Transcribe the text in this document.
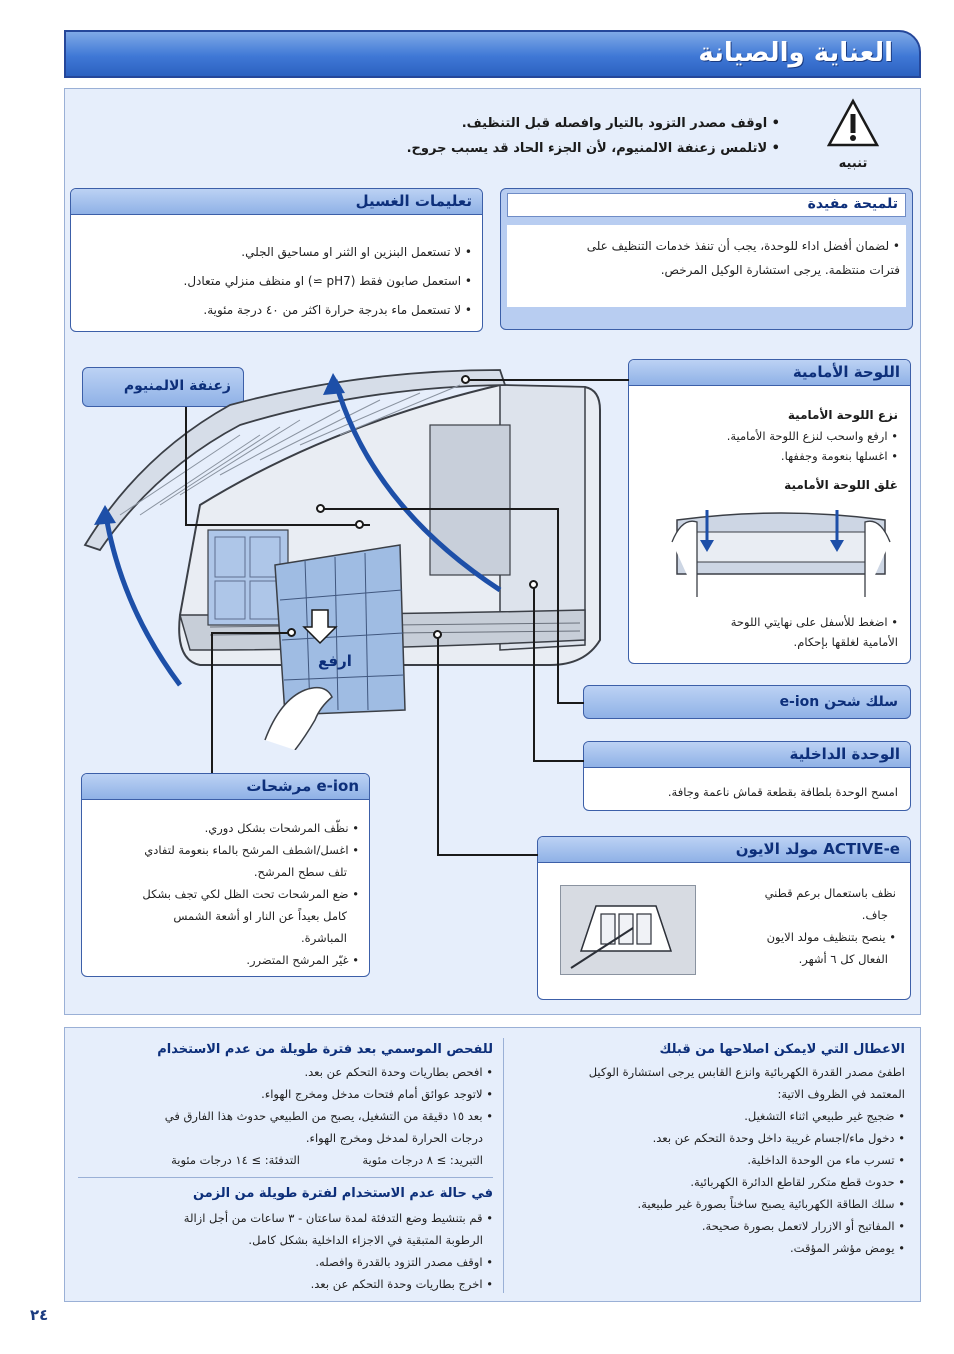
العناية والصيانة
تنبيه
• اوقف مصدر التزود بالتيار وافصله قبل التنظيف.
• لاتلمس زعنفة الالمنيوم، لأن الجزء الحاد قد يسبب جروح.
تعليمات الغسيل
• لا تستعمل البنزين او الثنر او مساحيق الجلي.
• استعمل صابون فقط (pH7 ≃) او منظف منزلي متعادل.
• لا تستعمل ماء بدرجة حرارة اكثر من ٤٠ درجة مئوية.
تلميحة مفيدة
• لضمان أفضل اداء للوحدة، يجب أن تنفذ خدمات التنظيف على
فترات منتظمة. يرجى استشارة الوكيل المرخص.
زعنفة الالمنيوم
ارفع
اللوحة الأمامية
نزع اللوحة الأمامية
• ارفع واسحب لنزع اللوحة الأمامية.
• اغسلها بنعومة وجففها.
غلق اللوحة الأمامية
• اضغط للأسفل على نهايتي اللوحة
الأمامية لغلقها بإحكام.
سلك شحن e-ion
الوحدة الداخلية
امسح الوحدة بلطافة بقطعة قماش ناعمة وجافة.
مولد الايون ACTIVE-e
نظف باستعمال برعم قطني
جاف.
• ينصح بتنظيف مولد الايون
الفعال كل ٦ أشهر.
مرشحات e-ion
• نظّف المرشحات بشكل دوري.
• اغسل/اشطف المرشح بالماء بنعومة لتفادي
تلف سطح المرشح.
• ضع المرشحات تحت الظل لكي تجف بشكل
كامل بعيداً عن النار او أشعة الشمس
المباشرة.
• غيّر المرشح المتضرر.
الاعطال التي لايمكن اصلاحها من قبلك
اطفئ مصدر القدرة الكهربائية وانزع القابس يرجى استشارة الوكيل
المعتمد في الظروف الاتية:
• ضجيج غير طبيعي اثناء التشغيل.
• دخول ماء/اجسام غريبة داخل وحدة التحكم عن بعد.
• تسرب ماء من الوحدة الداخلية.
• حدوث قطع متكرر لقاطع الدائرة الكهربائية.
• سلك الطاقة الكهربائية يصبح ساخناً بصورة غير طبيعية.
• المفاتيح أو الازرار لاتعمل بصورة صحيحة.
• يومض مؤشر المؤقت.
للفحص الموسمي بعد فترة طويلة من عدم الاستخدام
• افحص بطاريات وحدة التحكم عن بعد.
• لاتوجد عوائق أمام فتحات مدخل ومخرج الهواء.
• بعد ١٥ دقيقة من التشغيل، يصبح من الطبيعي حدوث هذا الفارق في
درجات الحرارة لمدخل ومخرج الهواء.
التبريد: ≥ ٨ درجات مئوية
التدفئة: ≥ ١٤ درجات مئوية
في حالة عدم الاستخدام لفترة طويلة من الزمن
• قم بتنشيط وضع التدفئة لمدة ساعتان - ٣ ساعات من أجل ازالة
الرطوبة المتبقية في الاجزاء الداخلية بشكل كامل.
• اوقف مصدر التزود بالقدرة وافصله.
• اخرج بطاريات وحدة التحكم عن بعد.
٢٤
